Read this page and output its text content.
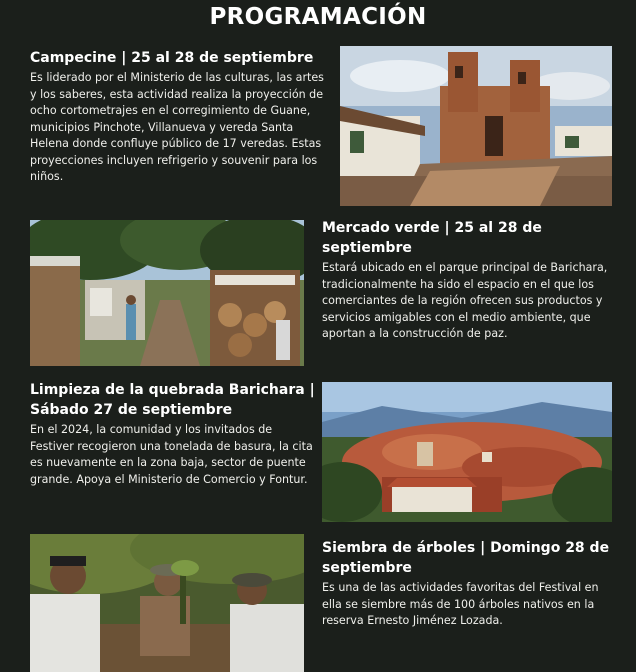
PROGRAMACIÓN
Campecine | 25 al 28 de septiembre

Es liderado por el Ministerio de las culturas, las artes y los saberes, esta actividad realiza la proyección de ocho cortometrajes en el corregimiento de Guane, municipios Pinchote, Villanueva y vereda Santa Helena donde confluye público de 17 veredas. Estas proyecciones incluyen refrigerio y souvenir para los niños.

Mercado verde | 25 al 28 de septiembre

Estará ubicado en el parque principal de Barichara, tradicionalmente ha sido el espacio en el que los comerciantes de la región ofrecen sus productos y servicios amigables con el medio ambiente, que aportan a la construcción de paz.

Limpieza de la quebrada Barichara | Sábado 27 de septiembre

En el 2024, la comunidad y los invitados de Festiver recogieron una tonelada de basura, la cita es nuevamente en la zona baja, sector de puente grande. Apoya el Ministerio de Comercio y Fontur.

Siembra de árboles | Domingo 28 de septiembre

Es una de las actividades favoritas del Festival en ella se siembre más de 100 árboles nativos en la reserva Ernesto Jiménez Lozada.
